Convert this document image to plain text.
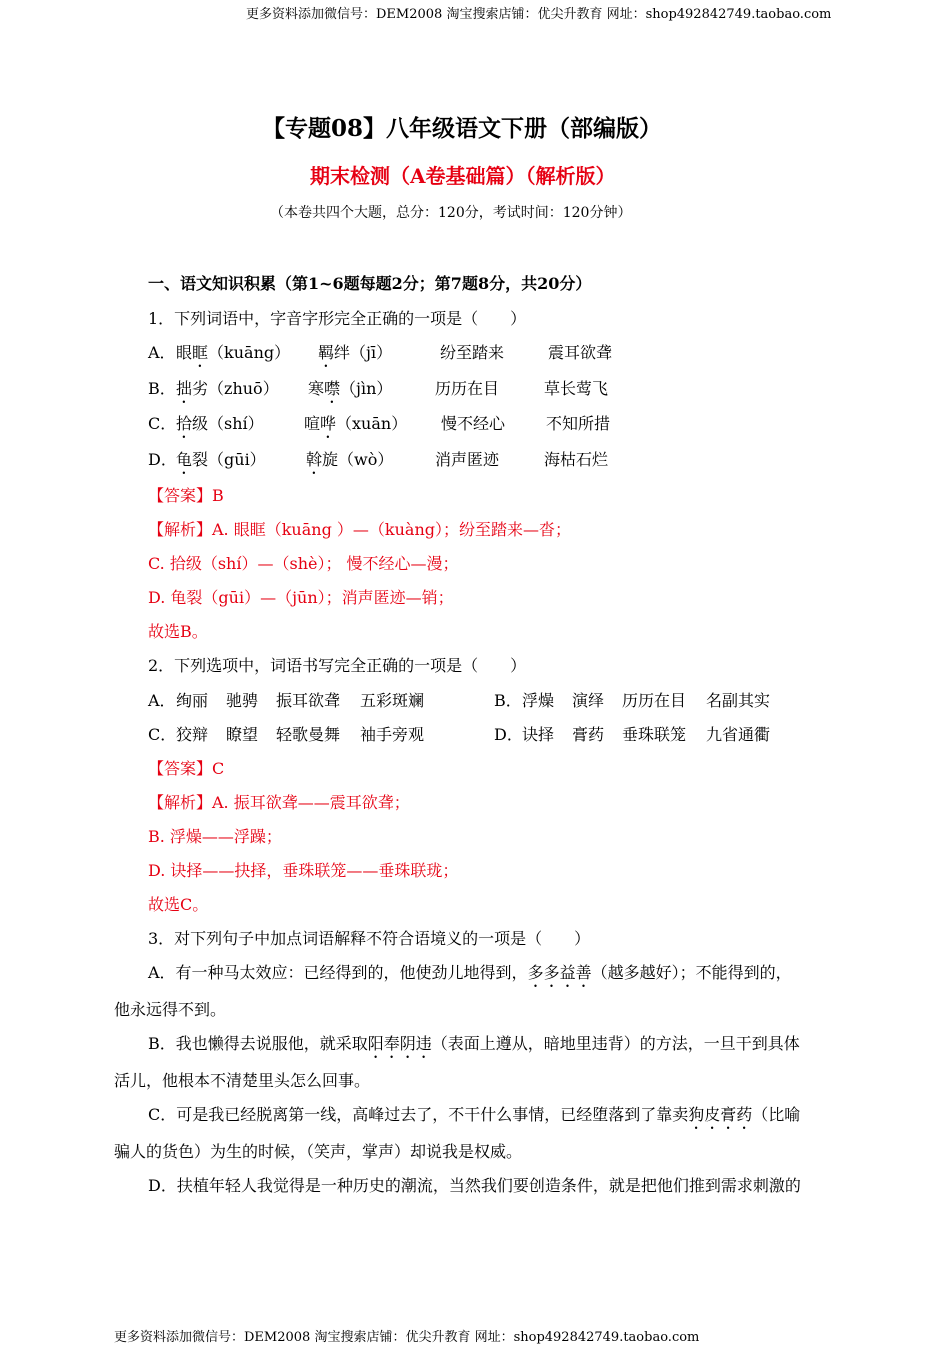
更多资料添加微信号：DEM2008 淘宝搜索店铺：优尖升教育 网址：shop492842749.taobao.com
【专题08】八年级语文下册（部编版）
期末检测（A卷基础篇）（解析版）
（本卷共四个大题，总分：120分，考试时间：120分钟）
一、语文知识积累（第1~6题每题2分；第7题8分，共20分）
1．下列词语中，字音字形完全正确的一项是（　　）
A． 眼眶（kuāng） 羁绊（jī）	纷至踏来	震耳欲聋
B． 拙劣（zhuō） 寒噤（jìn）	历历在目	草长莺飞
C． 拾级（shí）	喧哗（xuān） 慢不经心	不知所措
D． 龟裂（gūi）	斡旋（wò）	消声匿迹	海枯石烂
【答案】B
【解析】A. 眼眶（kuāng ）—（kuàng）；纷至踏来—沓；
C. 拾级（shí）—（shè）； 慢不经心—漫；
D. 龟裂（gūi）—（jūn）；消声匿迹—销；
故选B。
2．下列选项中，词语书写完全正确的一项是（　　）
A． 绚丽 驰骋 振耳欲聋 五彩斑斓	B． 浮燥 演绎 历历在目 名副其实
C． 狡辩 瞭望 轻歌曼舞 袖手旁观	D． 诀择 膏药 垂珠联笼 九省通衢
【答案】C
【解析】A. 振耳欲聋——震耳欲聋；
B. 浮燥——浮躁；
D. 诀择——抉择，垂珠联笼——垂珠联珑；
故选C。
3．对下列句子中加点词语解释不符合语境义的一项是（　　）
A．有一种马太效应：已经得到的，他使劲儿地得到，多多益善（越多越好）；不能得到的，
他永远得不到。
B．我也懒得去说服他，就采取阳奉阴违（表面上遵从，暗地里违背）的方法，一旦干到具体
活儿，他根本不清楚里头怎么回事。
C．可是我已经脱离第一线，高峰过去了，不干什么事情，已经堕落到了靠卖狗皮膏药（比喻
骗人的货色）为生的时候，（笑声，掌声）却说我是权威。
D．扶植年轻人我觉得是一种历史的潮流，当然我们要创造条件，就是把他们推到需求刺激的
更多资料添加微信号：DEM2008 淘宝搜索店铺：优尖升教育 网址：shop492842749.taobao.com
